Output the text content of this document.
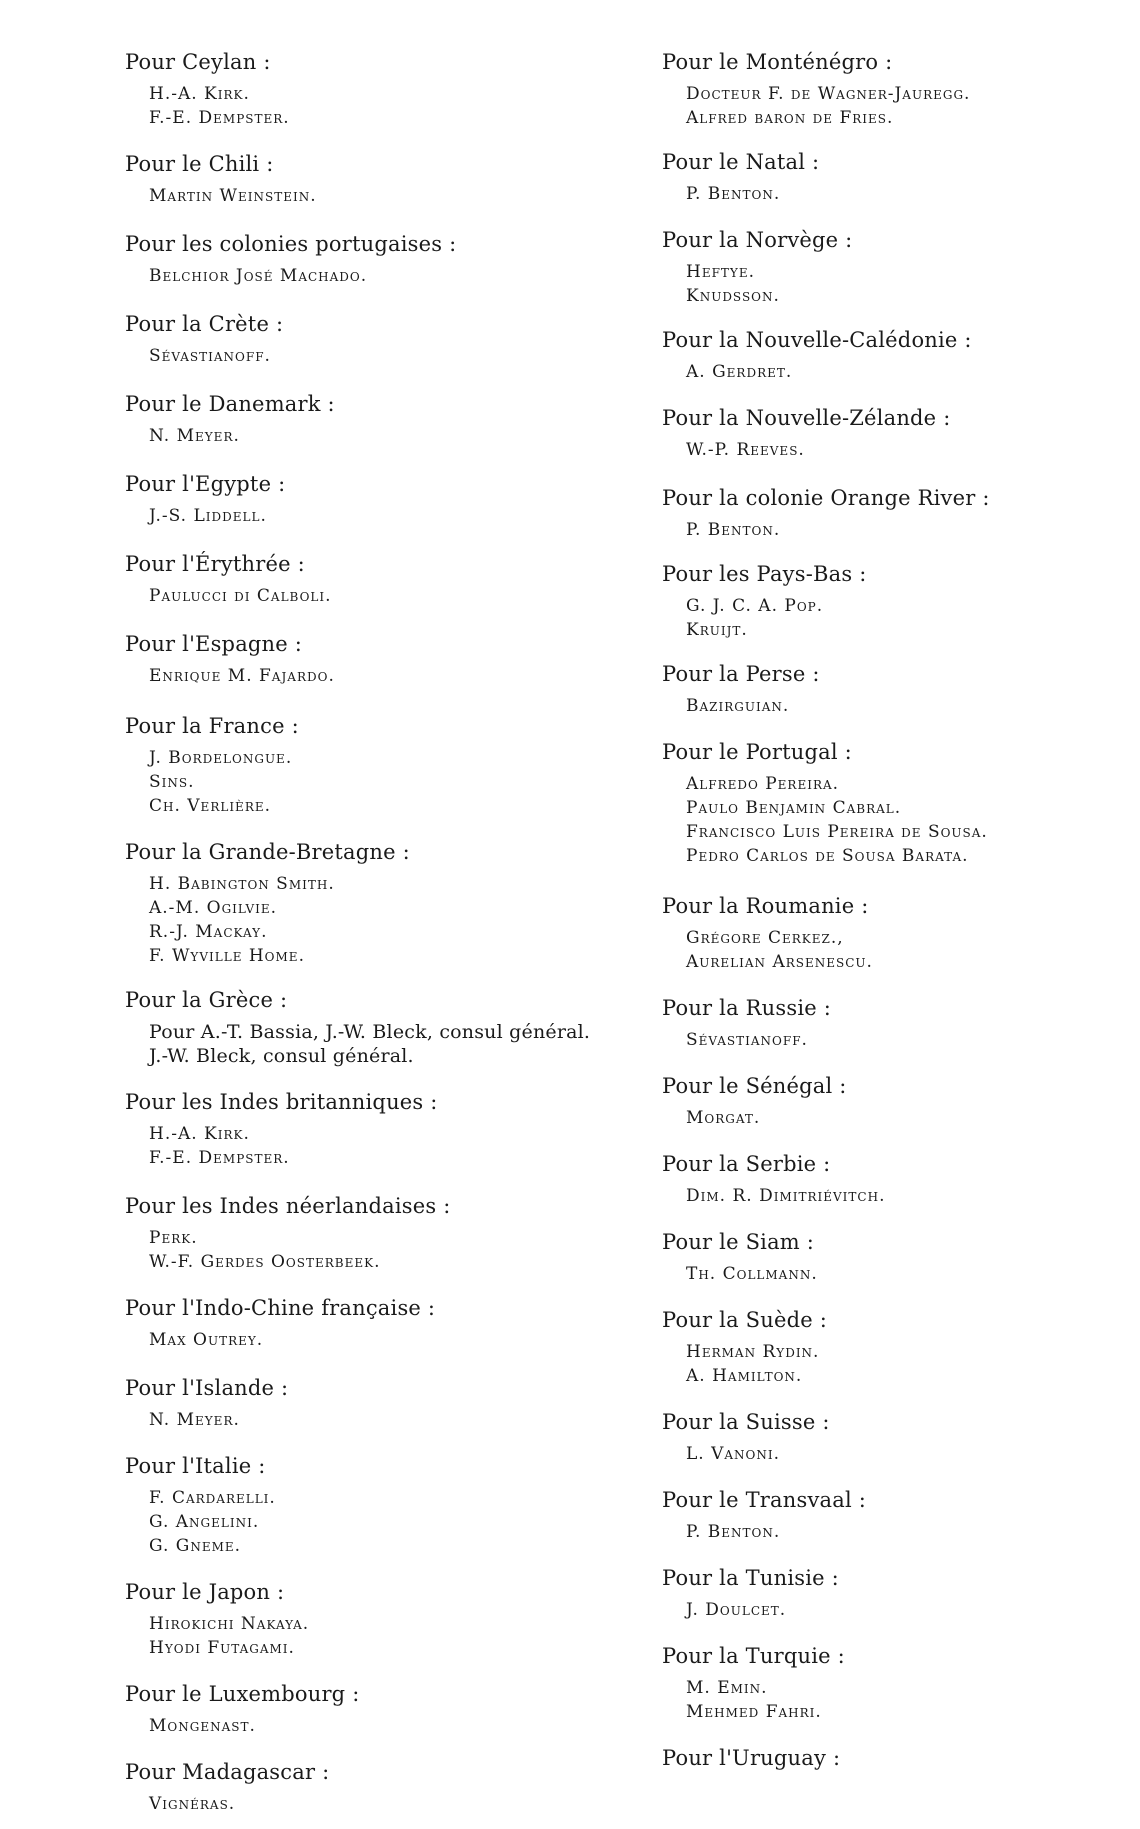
Pour Ceylan :
H.-A. Kirk.
F.-E. Dempster.
Pour le Chili :
Martin Weinstein.
Pour les colonies portugaises :
Belchior José Machado.
Pour la Crète :
Sévastianoff.
Pour le Danemark :
N. Meyer.
Pour l'Egypte :
J.-S. Liddell.
Pour l'Érythrée :
Paulucci di Calboli.
Pour l'Espagne :
Enrique M. Fajardo.
Pour la France :
J. Bordelongue.
Sins.
Ch. Verlière.
Pour la Grande-Bretagne :
H. Babington Smith.
A.-M. Ogilvie.
R.-J. Mackay.
F. Wyville Home.
Pour la Grèce :
Pour A.-T. Bassia, J.-W. Bleck, consul général.
J.-W. Bleck, consul général.
Pour les Indes britanniques :
H.-A. Kirk.
F.-E. Dempster.
Pour les Indes néerlandaises :
Perk.
W.-F. Gerdes Oosterbeek.
Pour l'Indo-Chine française :
Max Outrey.
Pour l'Islande :
N. Meyer.
Pour l'Italie :
F. Cardarelli.
G. Angelini.
G. Gneme.
Pour le Japon :
Hirokichi Nakaya.
Hyodi Futagami.
Pour le Luxembourg :
Mongenast.
Pour Madagascar :
Vignéras.
Pour le Monténégro :
Docteur F. de Wagner-Jauregg.
Alfred baron de Fries.
Pour le Natal :
P. Benton.
Pour la Norvège :
Heftye.
Knudsson.
Pour la Nouvelle-Calédonie :
A. Gerdret.
Pour la Nouvelle-Zélande :
W.-P. Reeves.
Pour la colonie Orange River :
P. Benton.
Pour les Pays-Bas :
G. J. C. A. Pop.
Kruijt.
Pour la Perse :
Bazirguian.
Pour le Portugal :
Alfredo Pereira.
Paulo Benjamin Cabral.
Francisco Luis Pereira de Sousa.
Pedro Carlos de Sousa Barata.
Pour la Roumanie :
Grégore Cerkez.,
Aurelian Arsenescu.
Pour la Russie :
Sévastianoff.
Pour le Sénégal :
Morgat.
Pour la Serbie :
Dim. R. Dimitriévitch.
Pour le Siam :
Th. Collmann.
Pour la Suède :
Herman Rydin.
A. Hamilton.
Pour la Suisse :
L. Vanoni.
Pour le Transvaal :
P. Benton.
Pour la Tunisie :
J. Doulcet.
Pour la Turquie :
M. Emin.
Mehmed Fahri.
Pour l'Uruguay :
